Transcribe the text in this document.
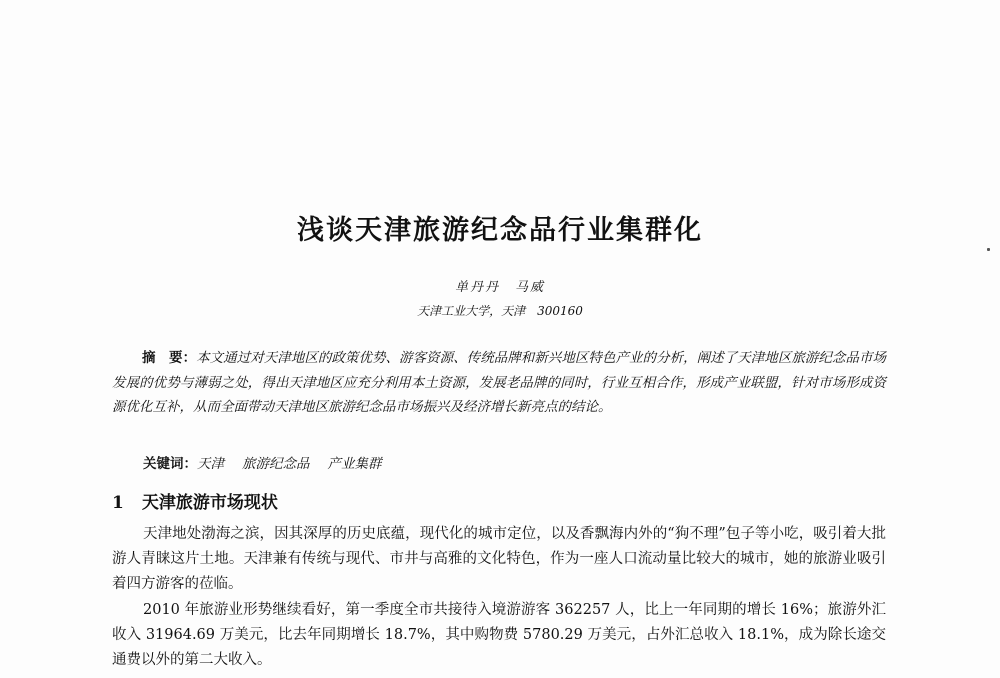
浅谈天津旅游纪念品行业集群化
单丹丹　马威
天津工业大学，天津　300160

摘　要：本文通过对天津地区的政策优势、游客资源、传统品牌和新兴地区特色产业的分析，阐述了天津地区旅游纪念品市场发展的优势与薄弱之处，得出天津地区应充分利用本土资源，发展老品牌的同时，行业互相合作，形成产业联盟，针对市场形成资源优化互补，从而全面带动天津地区旅游纪念品市场振兴及经济增长新亮点的结论。

关键词：天津 旅游纪念品 产业集群
1 天津旅游市场现状

天津地处渤海之滨，因其深厚的历史底蕴，现代化的城市定位，以及香飘海内外的“狗不理”包子等小吃，吸引着大批游人青睐这片土地。天津兼有传统与现代、市井与高雅的文化特色，作为一座人口流动量比较大的城市，她的旅游业吸引着四方游客的莅临。

2010 年旅游业形势继续看好，第一季度全市共接待入境游游客 362257 人，比上一年同期的增长 16%；旅游外汇收入 31964.69 万美元，比去年同期增长 18.7%，其中购物费 5780.29 万美元，占外汇总收入 18.1%，成为除长途交通费以外的第二大收入。
